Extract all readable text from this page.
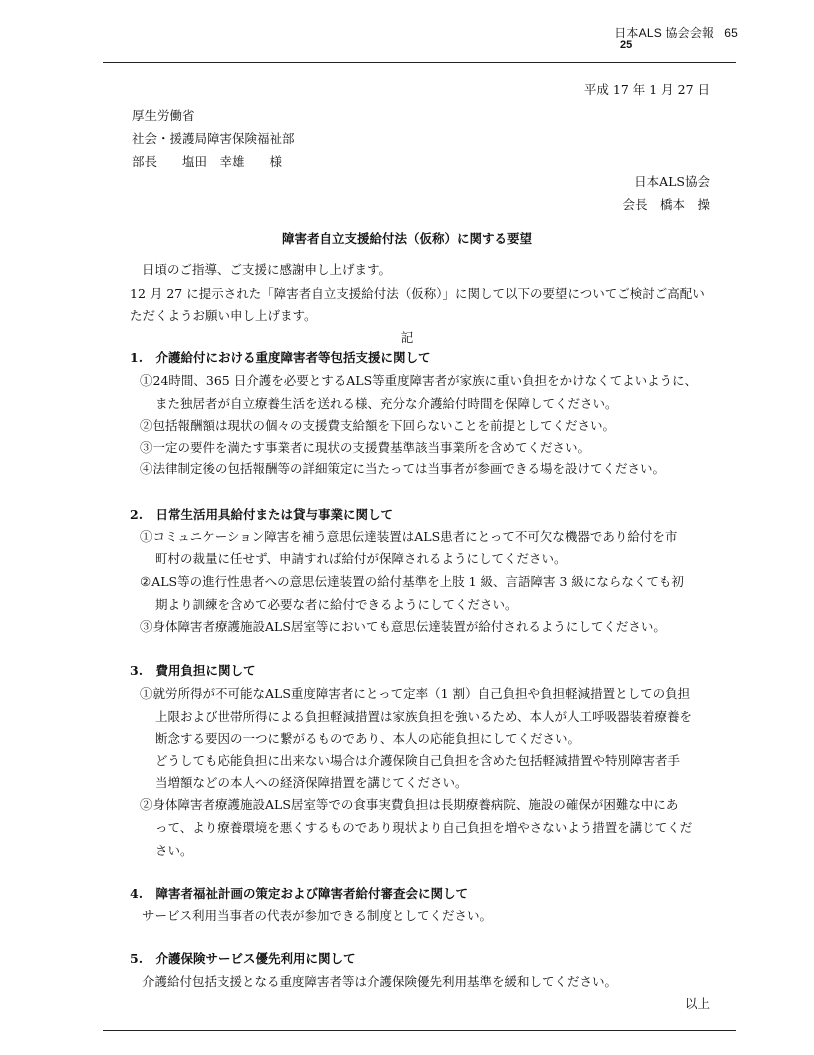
日本ALS 協会会報 65
25
平成 17 年 1 月 27 日
厚生労働省
社会・援護局障害保険福祉部
部長　　塩田　幸雄　　様
日本ALS協会
会長　橋本　操
障害者自立支援給付法（仮称）に関する要望
日頃のご指導、ご支援に感謝申し上げます。
12 月 27 に提示された「障害者自立支援給付法（仮称）」に関して以下の要望についてご検討ご高配い
ただくようお願い申し上げます。
記
1.　介護給付における重度障害者等包括支援に関して
①24時間、365 日介護を必要とするALS等重度障害者が家族に重い負担をかけなくてよいように、
また独居者が自立療養生活を送れる様、充分な介護給付時間を保障してください。
②包括報酬額は現状の個々の支援費支給額を下回らないことを前提としてください。
③一定の要件を満たす事業者に現状の支援費基準該当事業所を含めてください。
④法律制定後の包括報酬等の詳細策定に当たっては当事者が参画できる場を設けてください。
2.　日常生活用具給付または貸与事業に関して
①コミュニケーション障害を補う意思伝達装置はALS患者にとって不可欠な機器であり給付を市
町村の裁量に任せず、申請すれば給付が保障されるようにしてください。
②ALS等の進行性患者への意思伝達装置の給付基準を上肢 1 級、言語障害 3 級にならなくても初
期より訓練を含めて必要な者に給付できるようにしてください。
③身体障害者療護施設ALS居室等においても意思伝達装置が給付されるようにしてください。
3.　費用負担に関して
①就労所得が不可能なALS重度障害者にとって定率（1 割）自己負担や負担軽減措置としての負担
上限および世帯所得による負担軽減措置は家族負担を強いるため、本人が人工呼吸器装着療養を
断念する要因の一つに繋がるものであり、本人の応能負担にしてください。
どうしても応能負担に出来ない場合は介護保険自己負担を含めた包括軽減措置や特別障害者手
当増額などの本人への経済保障措置を講じてください。
②身体障害者療護施設ALS居室等での食事実費負担は長期療養病院、施設の確保が困難な中にあ
って、より療養環境を悪くするものであり現状より自己負担を増やさないよう措置を講じてくだ
さい。
4.　障害者福祉計画の策定および障害者給付審査会に関して
サービス利用当事者の代表が参加できる制度としてください。
5.　介護保険サービス優先利用に関して
介護給付包括支援となる重度障害者等は介護保険優先利用基準を緩和してください。
以上
